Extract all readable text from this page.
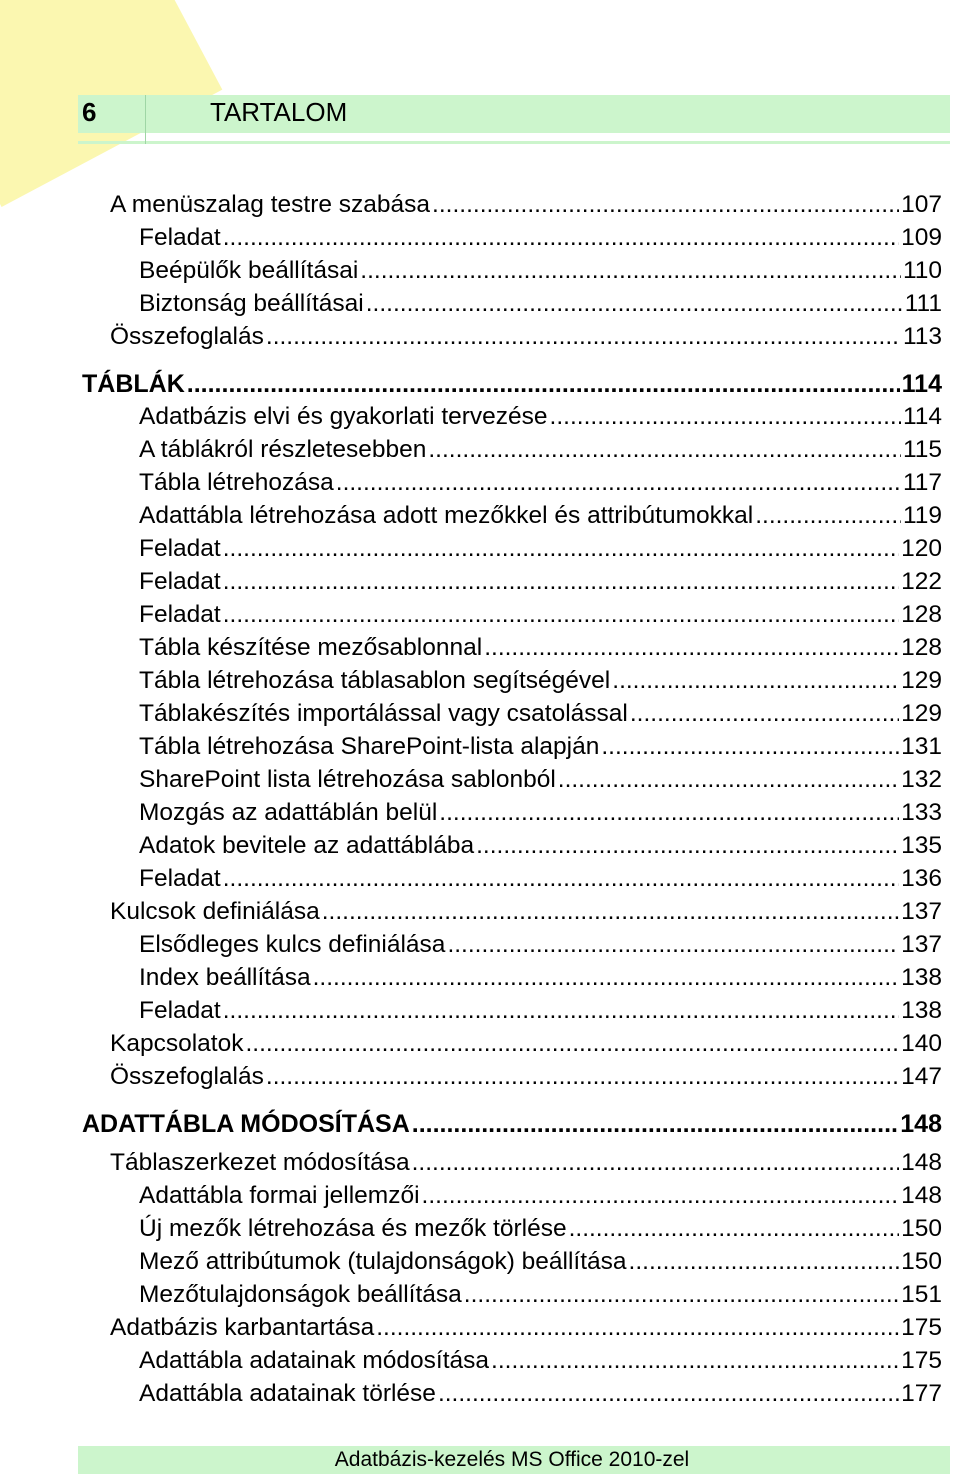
6	TARTALOM
A menüszalag testre szabása .....	107
Feladat .....	109
Beépülők beállításai .....	110
Biztonság beállításai .....	111
Összefoglalás .....	113
TÁBLÁK .....	114
Adatbázis elvi és gyakorlati tervezése .....	114
A táblákról részletesebben .....	115
Tábla létrehozása .....	117
Adattábla létrehozása adott mezőkkel és attribútumokkal .....	119
Feladat .....	120
Feladat .....	122
Feladat .....	128
Tábla készítése mezősablonnal .....	128
Tábla létrehozása táblasablon segítségével .....	129
Táblakészítés importálással vagy csatolással .....	129
Tábla létrehozása SharePoint-lista alapján .....	131
SharePoint lista létrehozása sablonból .....	132
Mozgás az adattáblán belül .....	133
Adatok bevitele az adattáblába .....	135
Feladat .....	136
Kulcsok definiálása .....	137
Elsődleges kulcs definiálása .....	137
Index beállítása .....	138
Feladat .....	138
Kapcsolatok .....	140
Összefoglalás .....	147
ADATTÁBLA MÓDOSÍTÁSA .....	148
Táblaszerkezet módosítása .....	148
Adattábla formai jellemzői .....	148
Új mezők létrehozása és mezők törlése .....	150
Mező attribútumok (tulajdonságok) beállítása .....	150
Mezőtulajdonságok beállítása .....	151
Adatbázis karbantartása .....	175
Adattábla adatainak módosítása .....	175
Adattábla adatainak törlése .....	177
Adatbázis-kezelés MS Office 2010-zel
